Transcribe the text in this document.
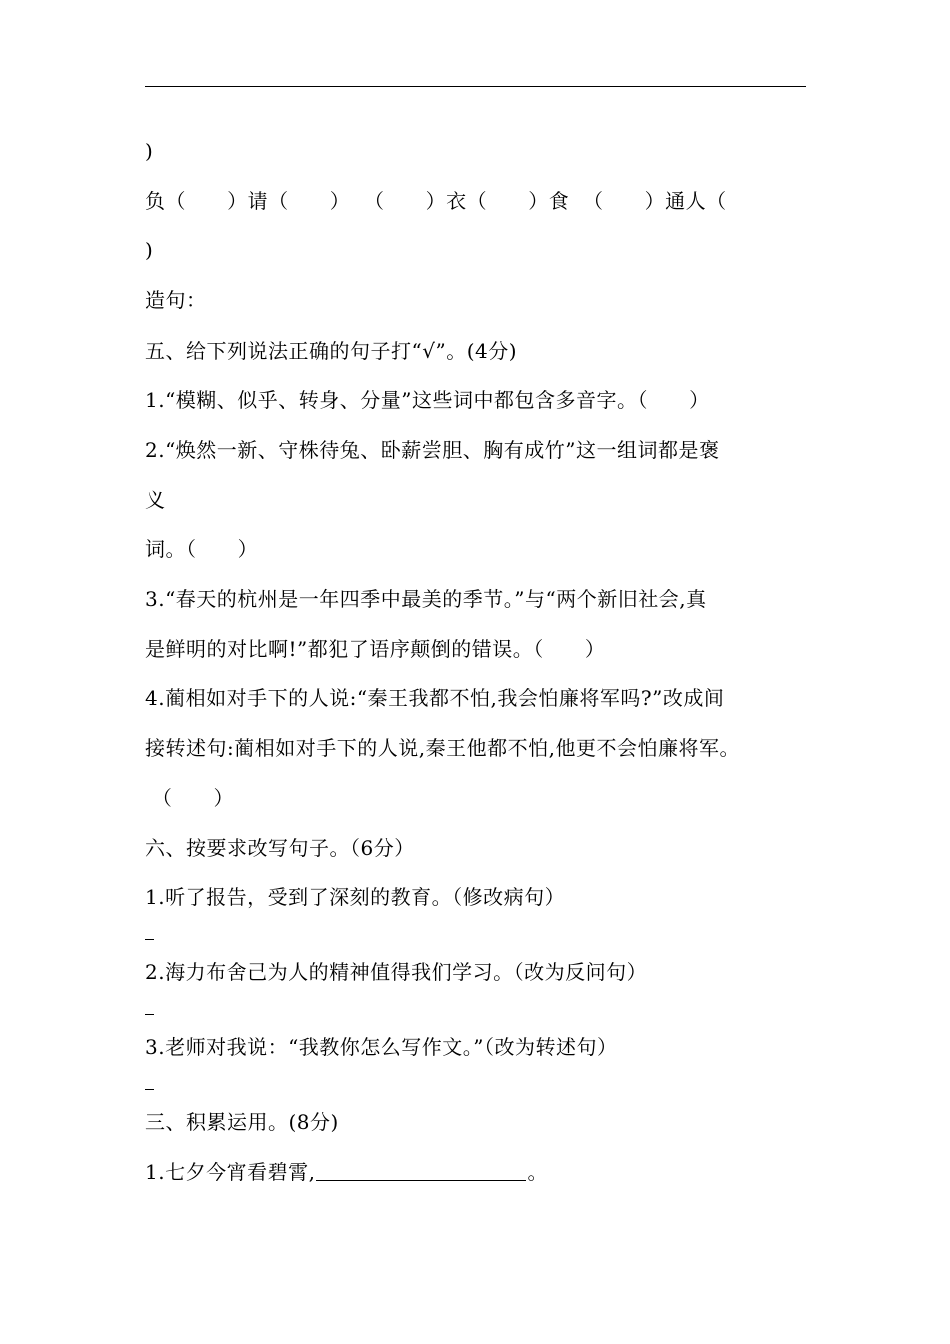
)
负（      ）请（      ）  （      ）衣（      ）食  （      ）通人（
)
造句：
五、给下列说法正确的句子打“√”。(4分)
1.“模糊、似乎、转身、分量”这些词中都包含多音字。（      ）
2.“焕然一新、守株待兔、卧薪尝胆、胸有成竹”这一组词都是褒
义
词。（      ）
3.“春天的杭州是一年四季中最美的季节。”与“两个新旧社会,真
是鲜明的对比啊!”都犯了语序颠倒的错误。（      ）
4.蔺相如对手下的人说:“秦王我都不怕,我会怕廉将军吗?”改成间
接转述句:蔺相如对手下的人说,秦王他都不怕,他更不会怕廉将军。
（      ）
六、按要求改写句子。（6分）
1.听了报告，受到了深刻的教育。（修改病句）
2.海力布舍己为人的精神值得我们学习。（改为反问句）
3.老师对我说：“我教你怎么写作文。”（改为转述句）
三、积累运用。(8分)
1.七夕今宵看碧霄,	。
